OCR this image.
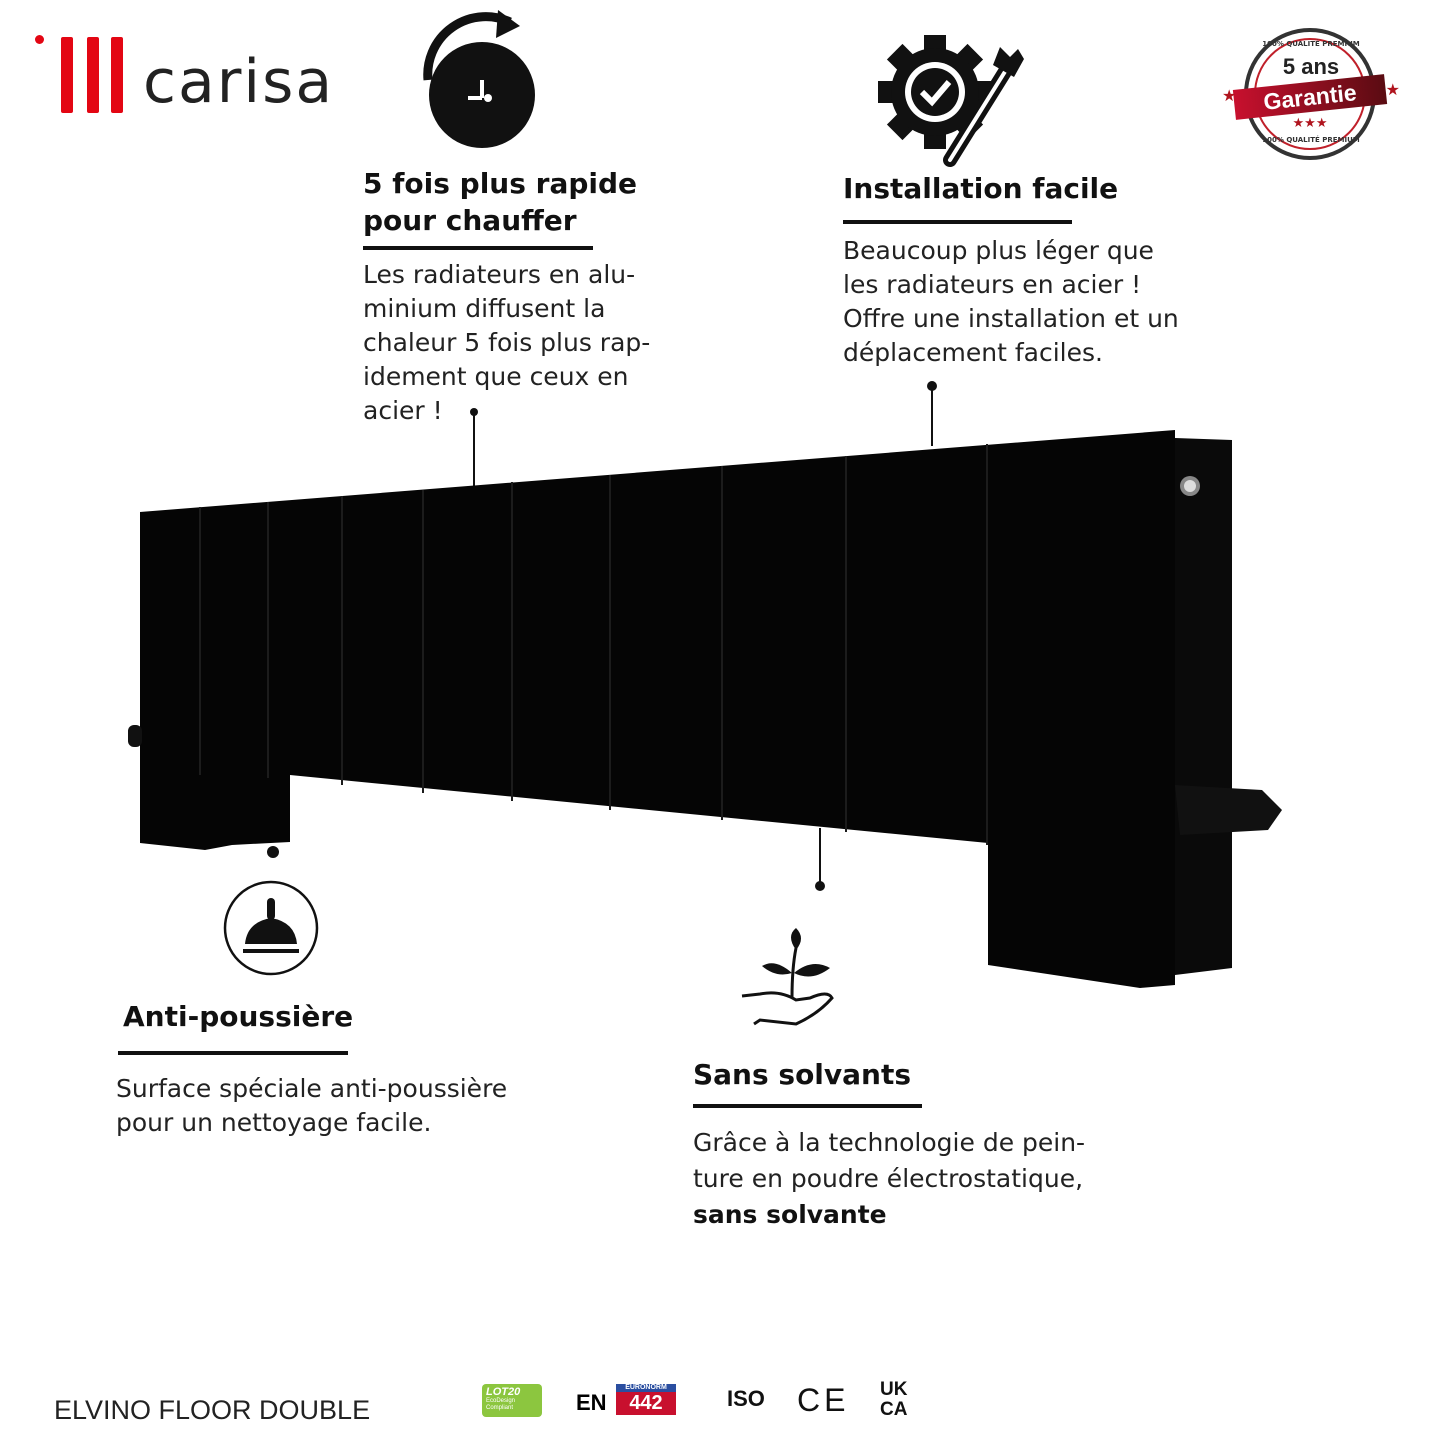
carisa
5 fois plus rapide
pour chauffer
Les radiateurs en alu-
minium diffusent la
chaleur 5 fois plus rap-
idement que ceux en
acier !
Installation facile
Beaucoup plus léger que
les radiateurs en acier !
Offre une installation et un
déplacement faciles.
100% QUALITÉ PREMIUM
5 ans
Garantie
★	★
★★★
100% QUALITÉ PREMIUM
Anti-poussière
Surface spéciale anti-poussière
pour un nettoyage facile.
Sans solvants
Grâce à la technologie de pein-
ture en poudre électrostatique,
sans solvante
ELVINO FLOOR DOUBLE
LOT20
EcoDesign
Compliant	EN
EURONORM
442	ISO CE UK
CA
